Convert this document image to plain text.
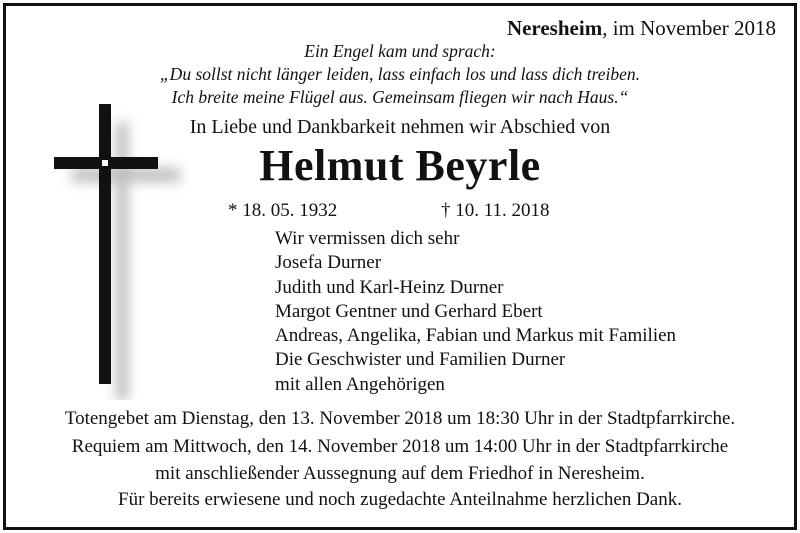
Neresheim, im November 2018
Ein Engel kam und sprach:
„Du sollst nicht länger leiden, lass einfach los und lass dich treiben.
Ich breite meine Flügel aus. Gemeinsam fliegen wir nach Haus.“
In Liebe und Dankbarkeit nehmen wir Abschied von
Helmut Beyrle
* 18. 05. 1932	† 10. 11. 2018
Wir vermissen dich sehr
Josefa Durner
Judith und Karl-Heinz Durner
Margot Gentner und Gerhard Ebert
Andreas, Angelika, Fabian und Markus mit Familien
Die Geschwister und Familien Durner
mit allen Angehörigen
Totengebet am Dienstag, den 13. November 2018 um 18:30 Uhr in der Stadtpfarrkirche.
Requiem am Mittwoch, den 14. November 2018 um 14:00 Uhr in der Stadtpfarrkirche
mit anschließender Aussegnung auf dem Friedhof in Neresheim.
Für bereits erwiesene und noch zugedachte Anteilnahme herzlichen Dank.
